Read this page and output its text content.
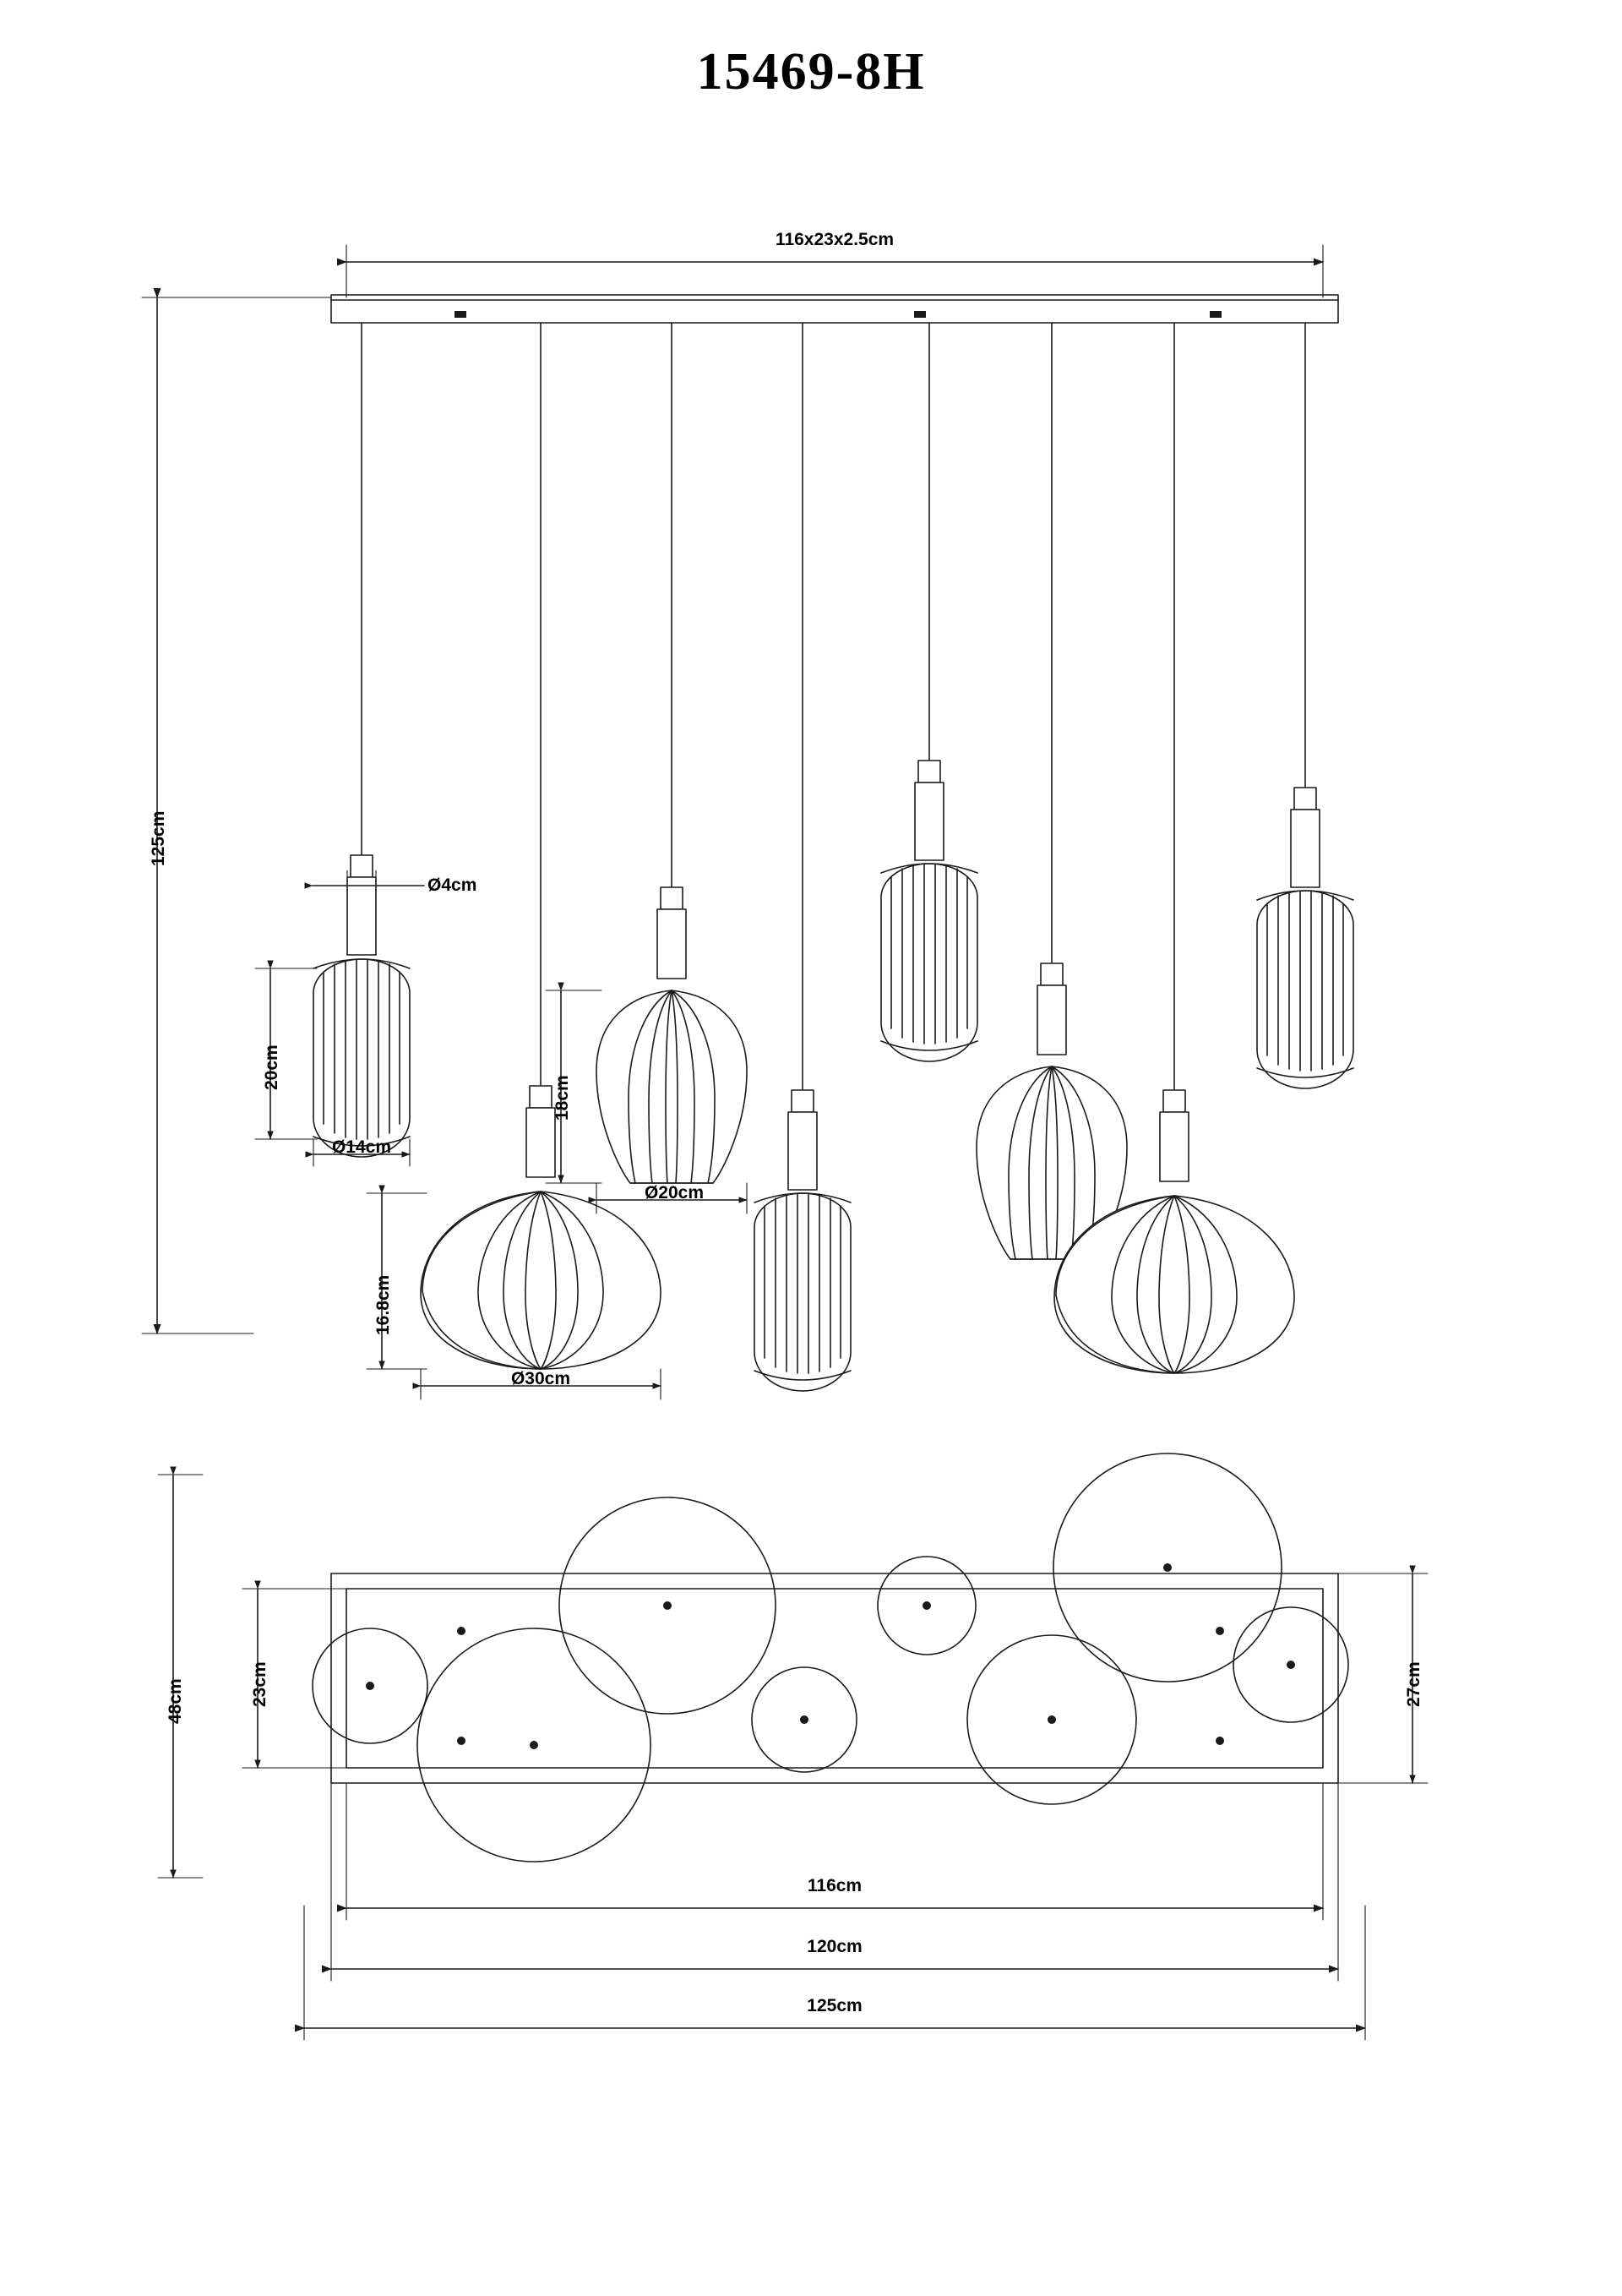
15469-8H
116x23x2.5cm
125cm
Ø4cm
20cm
Ø14cm
18cm
Ø20cm
16.8cm
Ø30cm
48cm	23cm	27cm
116cm
120cm
125cm
